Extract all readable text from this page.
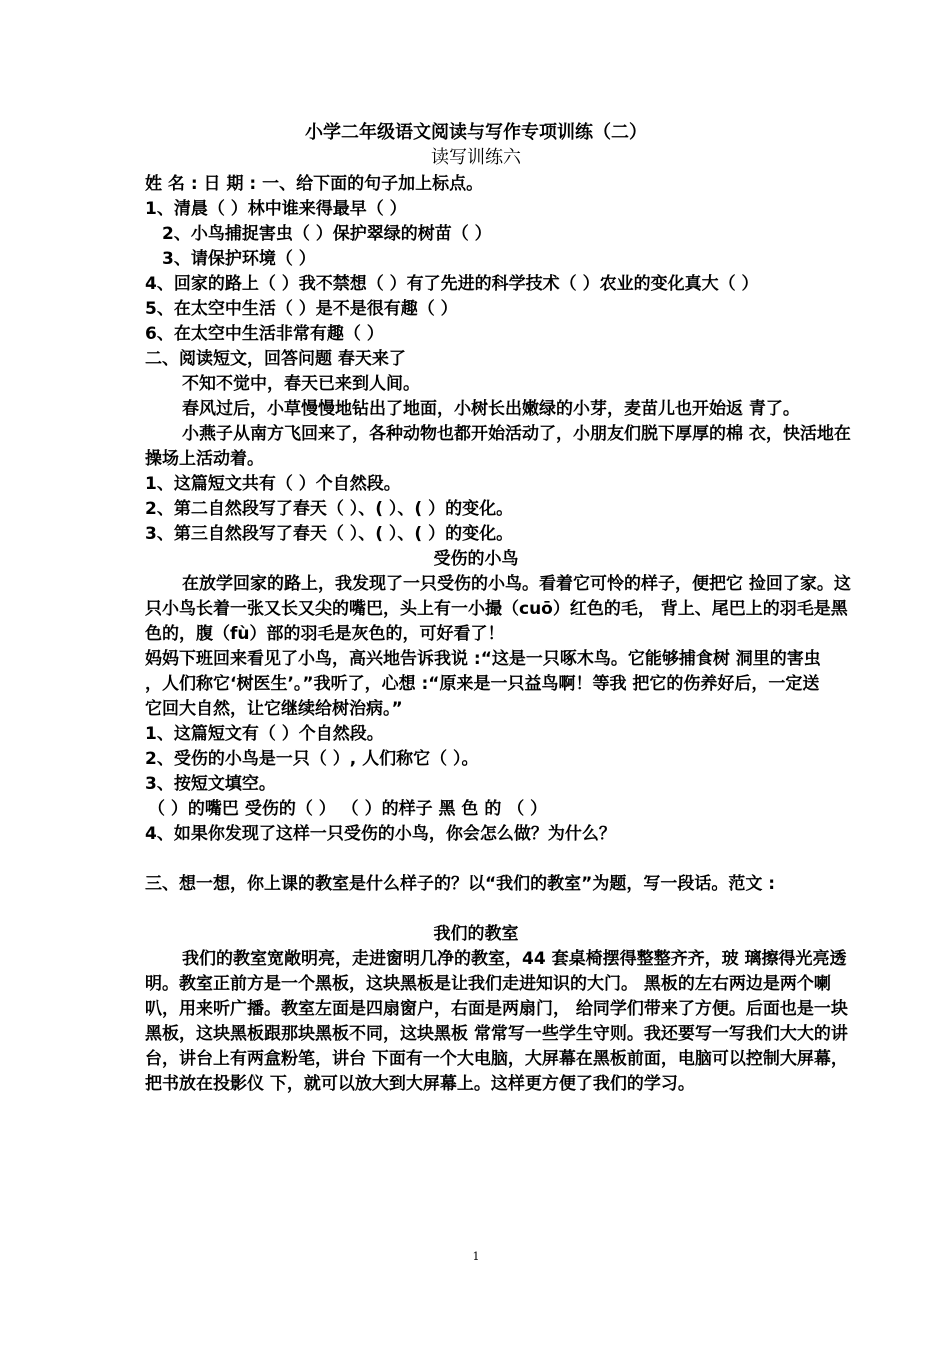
小学二年级语文阅读与写作专项训练（二）
读写训练六
姓 名 : 日 期 : 一、给下面的句子加上标点。
1、清晨（ ）林中谁来得最早（ ）
2、小鸟捕捉害虫（ ）保护翠绿的树苗（ ）
3、请保护环境（ ）
4、回家的路上（ ）我不禁想（ ）有了先进的科学技术（ ）农业的变化真大（ ）
5、在太空中生活（ ）是不是很有趣（ ）
6、在太空中生活非常有趣（ ）
二、阅读短文，回答问题 春天来了
不知不觉中，春天已来到人间。
春风过后，小草慢慢地钻出了地面，小树长出嫩绿的小芽，麦苗儿也开始返 青了。
小燕子从南方飞回来了，各种动物也都开始活动了，小朋友们脱下厚厚的棉 衣，快活地在
操场上活动着。
1、这篇短文共有（ ）个自然段。
2、第二自然段写了春天（ ）、( ）、( ）的变化。
3、第三自然段写了春天（ ）、( ）、( ）的变化。
受伤的小鸟
在放学回家的路上，我发现了一只受伤的小鸟。看着它可怜的样子，便把它 捡回了家。这
只小鸟长着一张又长又尖的嘴巴，头上有一小撮（cuō）红色的毛， 背上、尾巴上的羽毛是黑
色的，腹（fù）部的羽毛是灰色的，可好看了！
妈妈下班回来看见了小鸟，高兴地告诉我说 :“这是一只啄木鸟。它能够捕食树 洞里的害虫
，人们称它‘树医生’。”我听了，心想 :“原来是一只益鸟啊！等我 把它的伤养好后，一定送
它回大自然，让它继续给树治病。”
1、这篇短文有（ ）个自然段。
2、受伤的小鸟是一只（ ）, 人们称它（ ）。
3、按短文填空。
（ ）的嘴巴 受伤的（ ） （ ）的样子 黑 色 的 （ ）
4、如果你发现了这样一只受伤的小鸟，你会怎么做？为什么？
三、想一想，你上课的教室是什么样子的？以“我们的教室”为题，写一段话。范文 :
我们的教室
我们的教室宽敞明亮，走进窗明几净的教室，44 套桌椅摆得整整齐齐，玻 璃擦得光亮透
明。教室正前方是一个黑板，这块黑板是让我们走进知识的大门。 黑板的左右两边是两个喇
叭，用来听广播。教室左面是四扇窗户，右面是两扇门， 给同学们带来了方便。后面也是一块
黑板，这块黑板跟那块黑板不同，这块黑板 常常写一些学生守则。我还要写一写我们大大的讲
台，讲台上有两盒粉笔，讲台 下面有一个大电脑，大屏幕在黑板前面，电脑可以控制大屏幕，
把书放在投影仪 下，就可以放大到大屏幕上。这样更方便了我们的学习。
1
